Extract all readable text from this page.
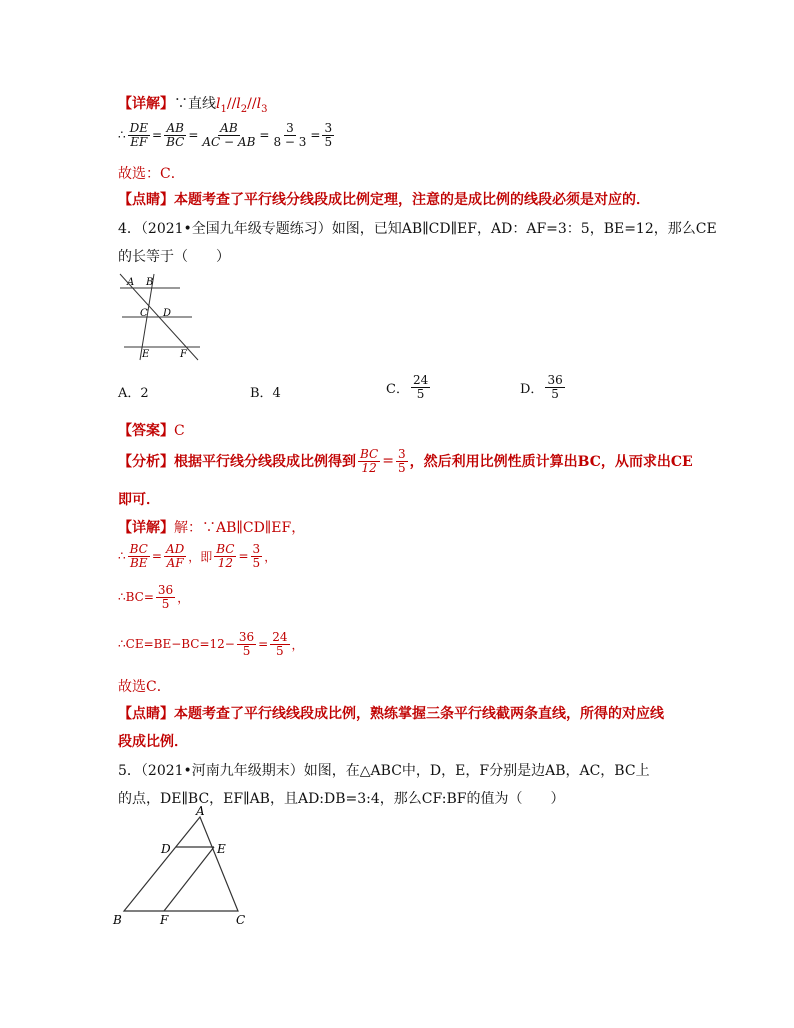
【详解】∵直线$l_1//l_2//l_3$
∴ $\frac{DE}{EF} = \frac{AB}{BC} = \frac{AB}{AC - AB} = \frac{3}{8 - 3} = \frac{3}{5}$
故选：C．
【点睛】本题考查了平行线分线段成比例定理，注意的是成比例的线段必须是对应的．
4．（2021•全国九年级专题练习）如图，已知AB∥CD∥EF，AD：AF=3：5，BE=12，那么CE
的长等于（　　）
A B
C D
E	F
A．2	B．4	C． $\frac{24}{5}$	D． $\frac{36}{5}$
【答案】C
【分析】 根据平行线分线段成比例得到 $\frac{BC}{12} = \frac{3}{5}$ ，然后利用比例性质计算出BC，从而求出CE
即可．
【详解】解：∵AB∥CD∥EF，
∴ $\frac{BC}{BE} = \frac{AD}{AF}$ ，即 $\frac{BC}{12} = \frac{3}{5}$ ，
∴BC= $\frac{36}{5}$ ，
∴CE=BE−BC=12− $\frac{36}{5} = \frac{24}{5}$ ，
故选C．
【点睛】本题考查了平行线线段成比例，熟练掌握三条平行线截两条直线，所得的对应线
段成比例．
5．（2021•河南九年级期末）如图，在△ABC中，D，E，F分别是边AB，AC，BC上
的点，DE∥BC，EF∥AB，且AD:DB=3:4，那么CF:BF的值为（　　）
A
B	C
D	E
F
